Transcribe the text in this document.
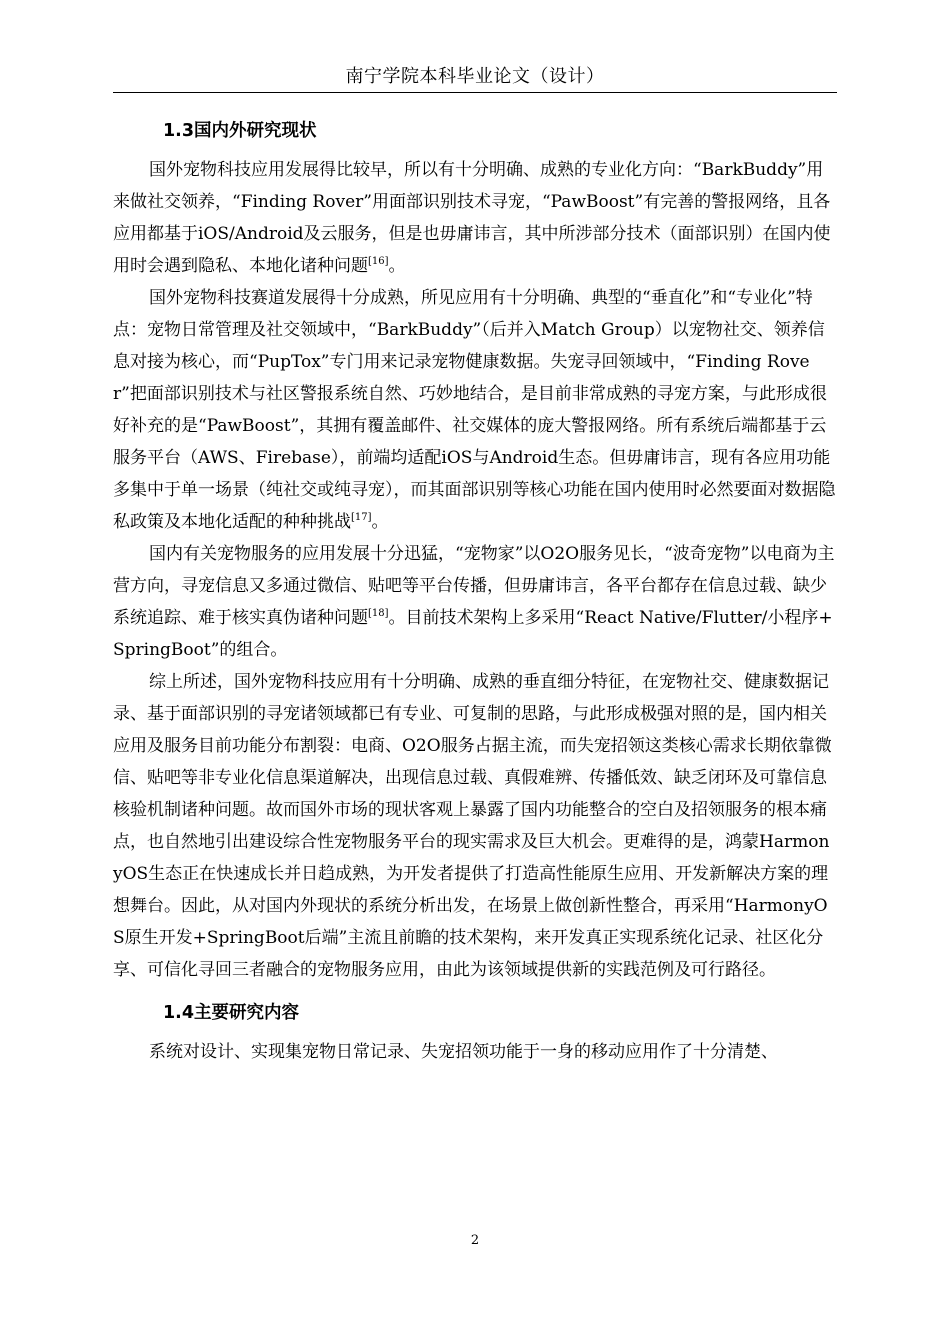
南宁学院本科毕业论文（设计）
1.3国内外研究现状

国外宠物科技应用发展得比较早，所以有十分明确、成熟的专业化方向：“BarkBuddy”用来做社交领养，“Finding Rover”用面部识别技术寻宠，“PawBoost”有完善的警报网络，且各应用都基于iOS/Android及云服务，但是也毋庸讳言，其中所涉部分技术（面部识别）在国内使用时会遇到隐私、本地化诸种问题[16]。

国外宠物科技赛道发展得十分成熟，所见应用有十分明确、典型的“垂直化”和“专业化”特点：宠物日常管理及社交领域中，“BarkBuddy”（后并入Match Group）以宠物社交、领养信息对接为核心，而“PupTox”专门用来记录宠物健康数据。失宠寻回领域中，“Finding Rover”把面部识别技术与社区警报系统自然、巧妙地结合，是目前非常成熟的寻宠方案，与此形成很好补充的是“PawBoost”，其拥有覆盖邮件、社交媒体的庞大警报网络。所有系统后端都基于云服务平台（AWS、Firebase），前端均适配iOS与Android生态。但毋庸讳言，现有各应用功能多集中于单一场景（纯社交或纯寻宠），而其面部识别等核心功能在国内使用时必然要面对数据隐私政策及本地化适配的种种挑战[17]。

国内有关宠物服务的应用发展十分迅猛，“宠物家”以O2O服务见长，“波奇宠物”以电商为主营方向，寻宠信息又多通过微信、贴吧等平台传播，但毋庸讳言，各平台都存在信息过载、缺少系统追踪、难于核实真伪诸种问题[18]。目前技术架构上多采用“React Native/Flutter/小程序+SpringBoot”的组合。

综上所述，国外宠物科技应用有十分明确、成熟的垂直细分特征，在宠物社交、健康数据记录、基于面部识别的寻宠诸领域都已有专业、可复制的思路，与此形成极强对照的是，国内相关应用及服务目前功能分布割裂：电商、O2O服务占据主流，而失宠招领这类核心需求长期依靠微信、贴吧等非专业化信息渠道解决，出现信息过载、真假难辨、传播低效、缺乏闭环及可靠信息核验机制诸种问题。故而国外市场的现状客观上暴露了国内功能整合的空白及招领服务的根本痛点，也自然地引出建设综合性宠物服务平台的现实需求及巨大机会。更难得的是，鸿蒙HarmonyOS生态正在快速成长并日趋成熟，为开发者提供了打造高性能原生应用、开发新解决方案的理想舞台。因此，从对国内外现状的系统分析出发，在场景上做创新性整合，再采用“HarmonyOS原生开发+SpringBoot后端”主流且前瞻的技术架构，来开发真正实现系统化记录、社区化分享、可信化寻回三者融合的宠物服务应用，由此为该领域提供新的实践范例及可行路径。

1.4主要研究内容

系统对设计、实现集宠物日常记录、失宠招领功能于一身的移动应用作了十分清楚、

2
